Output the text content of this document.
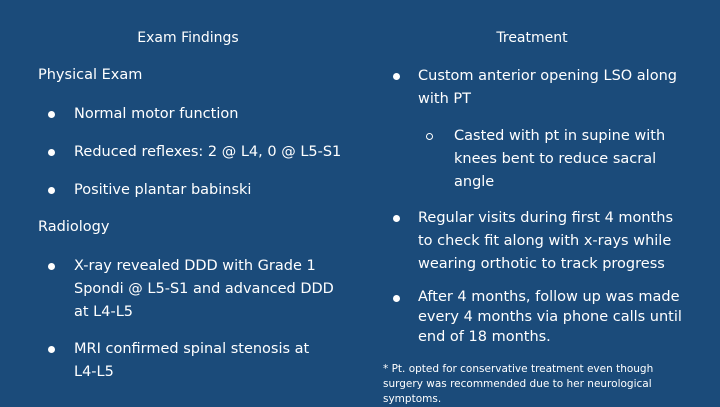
Exam Findings	Treatment
Physical Exam
Normal motor function
Reduced reflexes: 2 @ L4, 0 @ L5-S1
Positive plantar babinski
Radiology
X-ray revealed DDD with Grade 1 Spondi @ L5-S1 and advanced DDD at L4-L5
MRI confirmed spinal stenosis at L4-L5
Custom anterior opening LSO along with PT
Casted with pt in supine with knees bent to reduce sacral angle
Regular visits during first 4 months to check fit along with x-rays while wearing orthotic to track progress
After 4 months, follow up was made every 4 months via phone calls until end of 18 months.
* Pt. opted for conservative treatment even though surgery was recommended due to her neurological symptoms.
